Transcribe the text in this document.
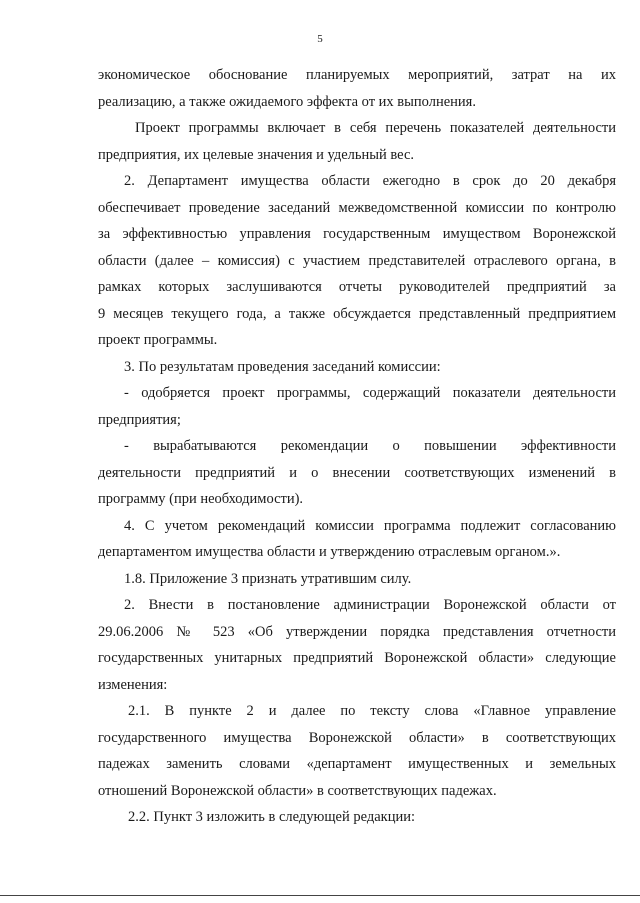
5

экономическое обоснование планируемых мероприятий, затрат на их

реализацию, а также ожидаемого эффекта от их выполнения.

Проект программы включает в себя перечень показателей деятельности

предприятия, их целевые значения и удельный вес.

2. Департамент имущества области ежегодно в срок до 20 декабря

обеспечивает проведение заседаний межведомственной комиссии по контролю

за эффективностью управления государственным имуществом Воронежской

области (далее – комиссия) с участием представителей отраслевого органа, в

рамках которых заслушиваются отчеты руководителей предприятий за

9 месяцев текущего года, а также обсуждается представленный предприятием

проект программы.

3. По результатам проведения заседаний комиссии:

- одобряется проект программы, содержащий показатели деятельности

предприятия;

- вырабатываются рекомендации о повышении эффективности

деятельности предприятий и о внесении соответствующих изменений в

программу (при необходимости).

4. С учетом рекомендаций комиссии программа подлежит согласованию

департаментом имущества области и утверждению отраслевым органом.».

1.8. Приложение 3 признать утратившим силу.

2. Внести в постановление администрации Воронежской области от

29.06.2006 № 523 «Об утверждении порядка представления отчетности

государственных унитарных предприятий Воронежской области» следующие

изменения:

2.1. В пункте 2 и далее по тексту слова «Главное управление

государственного имущества Воронежской области» в соответствующих

падежах заменить словами «департамент имущественных и земельных

отношений Воронежской области» в соответствующих падежах.

2.2. Пункт 3 изложить в следующей редакции:
